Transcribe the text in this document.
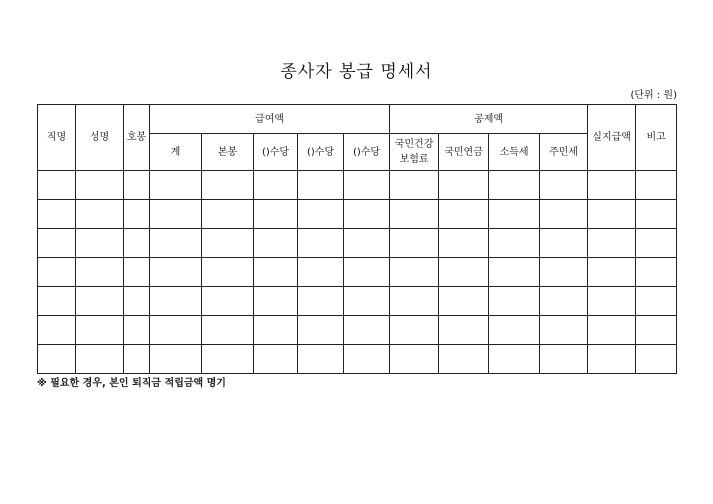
종사자 봉급 명세서
(단위 : 원)
직명	성명	호봉	급여액					공제액				실지급액	비고
			계	본봉	()수당	()수당	()수당	국민건강
보험료	국민연금	소득세	주민세		

※ 필요한 경우, 본인 퇴직금 적립금액 명기
